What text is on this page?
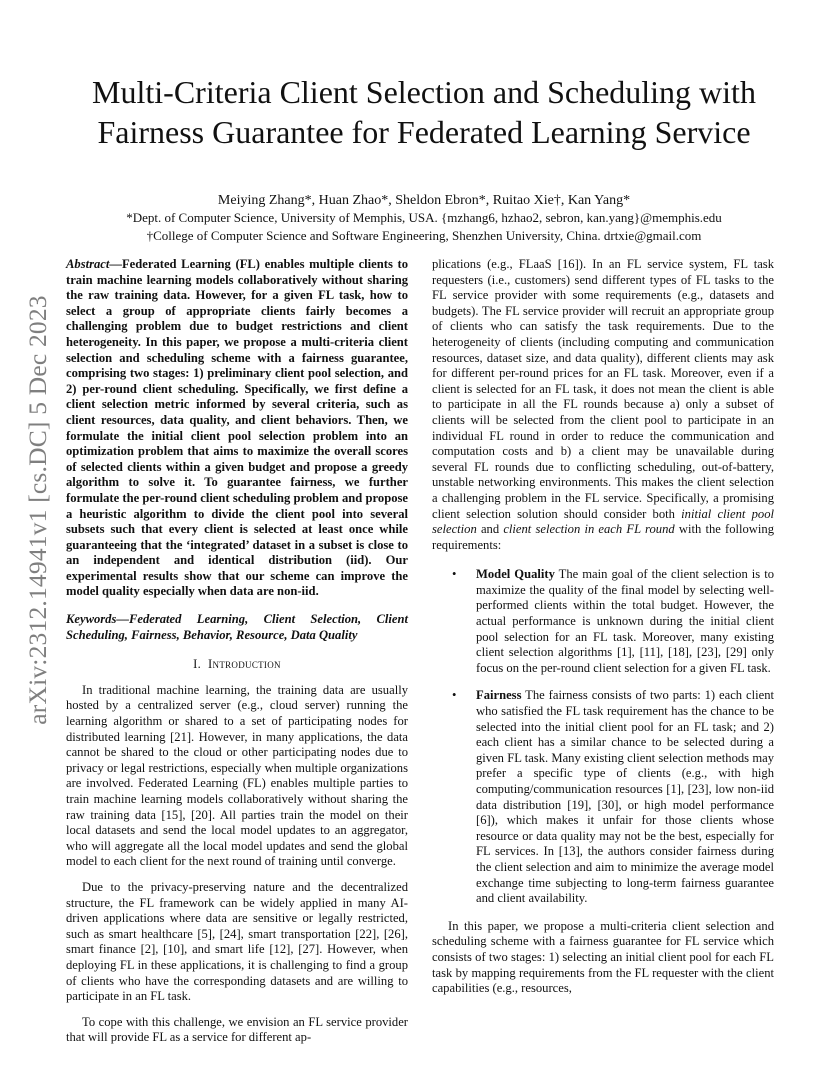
arXiv:2312.14941v1 [cs.DC] 5 Dec 2023
Multi-Criteria Client Selection and Scheduling with
Fairness Guarantee for Federated Learning Service
Meiying Zhang*, Huan Zhao*, Sheldon Ebron*, Ruitao Xie†, Kan Yang*
*Dept. of Computer Science, University of Memphis, USA. {mzhang6, hzhao2, sebron, kan.yang}@memphis.edu
†College of Computer Science and Software Engineering, Shenzhen University, China. drtxie@gmail.com

Abstract—Federated Learning (FL) enables multiple clients to train machine learning models collaboratively without sharing the raw training data. However, for a given FL task, how to select a group of appropriate clients fairly becomes a challenging problem due to budget restrictions and client heterogeneity. In this paper, we propose a multi-criteria client selection and scheduling scheme with a fairness guarantee, comprising two stages: 1) preliminary client pool selection, and 2) per-round client scheduling. Specifically, we first define a client selection metric informed by several criteria, such as client resources, data quality, and client behaviors. Then, we formulate the initial client pool selection problem into an optimization problem that aims to maximize the overall scores of selected clients within a given budget and propose a greedy algorithm to solve it. To guarantee fairness, we further formulate the per-round client scheduling problem and propose a heuristic algorithm to divide the client pool into several subsets such that every client is selected at least once while guaranteeing that the ‘integrated’ dataset in a subset is close to an independent and identical distribution (iid). Our experimental results show that our scheme can improve the model quality especially when data are non-iid.

Keywords—Federated Learning, Client Selection, Client Scheduling, Fairness, Behavior, Resource, Data Quality

I. Introduction

In traditional machine learning, the training data are usually hosted by a centralized server (e.g., cloud server) running the learning algorithm or shared to a set of participating nodes for distributed learning [21]. However, in many applications, the data cannot be shared to the cloud or other participating nodes due to privacy or legal restrictions, especially when multiple organizations are involved. Federated Learning (FL) enables multiple parties to train machine learning models collaboratively without sharing the raw training data [15], [20]. All parties train the model on their local datasets and send the local model updates to an aggregator, who will aggregate all the local model updates and send the global model to each client for the next round of training until converge.

Due to the privacy-preserving nature and the decentralized structure, the FL framework can be widely applied in many AI-driven applications where data are sensitive or legally restricted, such as smart healthcare [5], [24], smart transportation [22], [26], smart finance [2], [10], and smart life [12], [27]. However, when deploying FL in these applications, it is challenging to find a group of clients who have the corresponding datasets and are willing to participate in an FL task.

To cope with this challenge, we envision an FL service provider that will provide FL as a service for different ap-

plications (e.g., FLaaS [16]). In an FL service system, FL task requesters (i.e., customers) send different types of FL tasks to the FL service provider with some requirements (e.g., datasets and budgets). The FL service provider will recruit an appropriate group of clients who can satisfy the task requirements. Due to the heterogeneity of clients (including computing and communication resources, dataset size, and data quality), different clients may ask for different per-round prices for an FL task. Moreover, even if a client is selected for an FL task, it does not mean the client is able to participate in all the FL rounds because a) only a subset of clients will be selected from the client pool to participate in an individual FL round in order to reduce the communication and computation costs and b) a client may be unavailable during several FL rounds due to conflicting scheduling, out-of-battery, unstable networking environments. This makes the client selection a challenging problem in the FL service. Specifically, a promising client selection solution should consider both initial client pool selection and client selection in each FL round with the following requirements:

• Model Quality The main goal of the client selection is to maximize the quality of the final model by selecting well-performed clients within the total budget. However, the actual performance is unknown during the initial client pool selection for an FL task. Moreover, many existing client selection algorithms [1], [11], [18], [23], [29] only focus on the per-round client selection for a given FL task.
• Fairness The fairness consists of two parts: 1) each client who satisfied the FL task requirement has the chance to be selected into the initial client pool for an FL task; and 2) each client has a similar chance to be selected during a given FL task. Many existing client selection methods may prefer a specific type of clients (e.g., with high computing/communication resources [1], [23], low non-iid data distribution [19], [30], or high model performance [6]), which makes it unfair for those clients whose resource or data quality may not be the best, especially for FL services. In [13], the authors consider fairness during the client selection and aim to minimize the average model exchange time subjecting to long-term fairness guarantee and client availability.

In this paper, we propose a multi-criteria client selection and scheduling scheme with a fairness guarantee for FL service which consists of two stages: 1) selecting an initial client pool for each FL task by mapping requirements from the FL requester with the client capabilities (e.g., resources,
